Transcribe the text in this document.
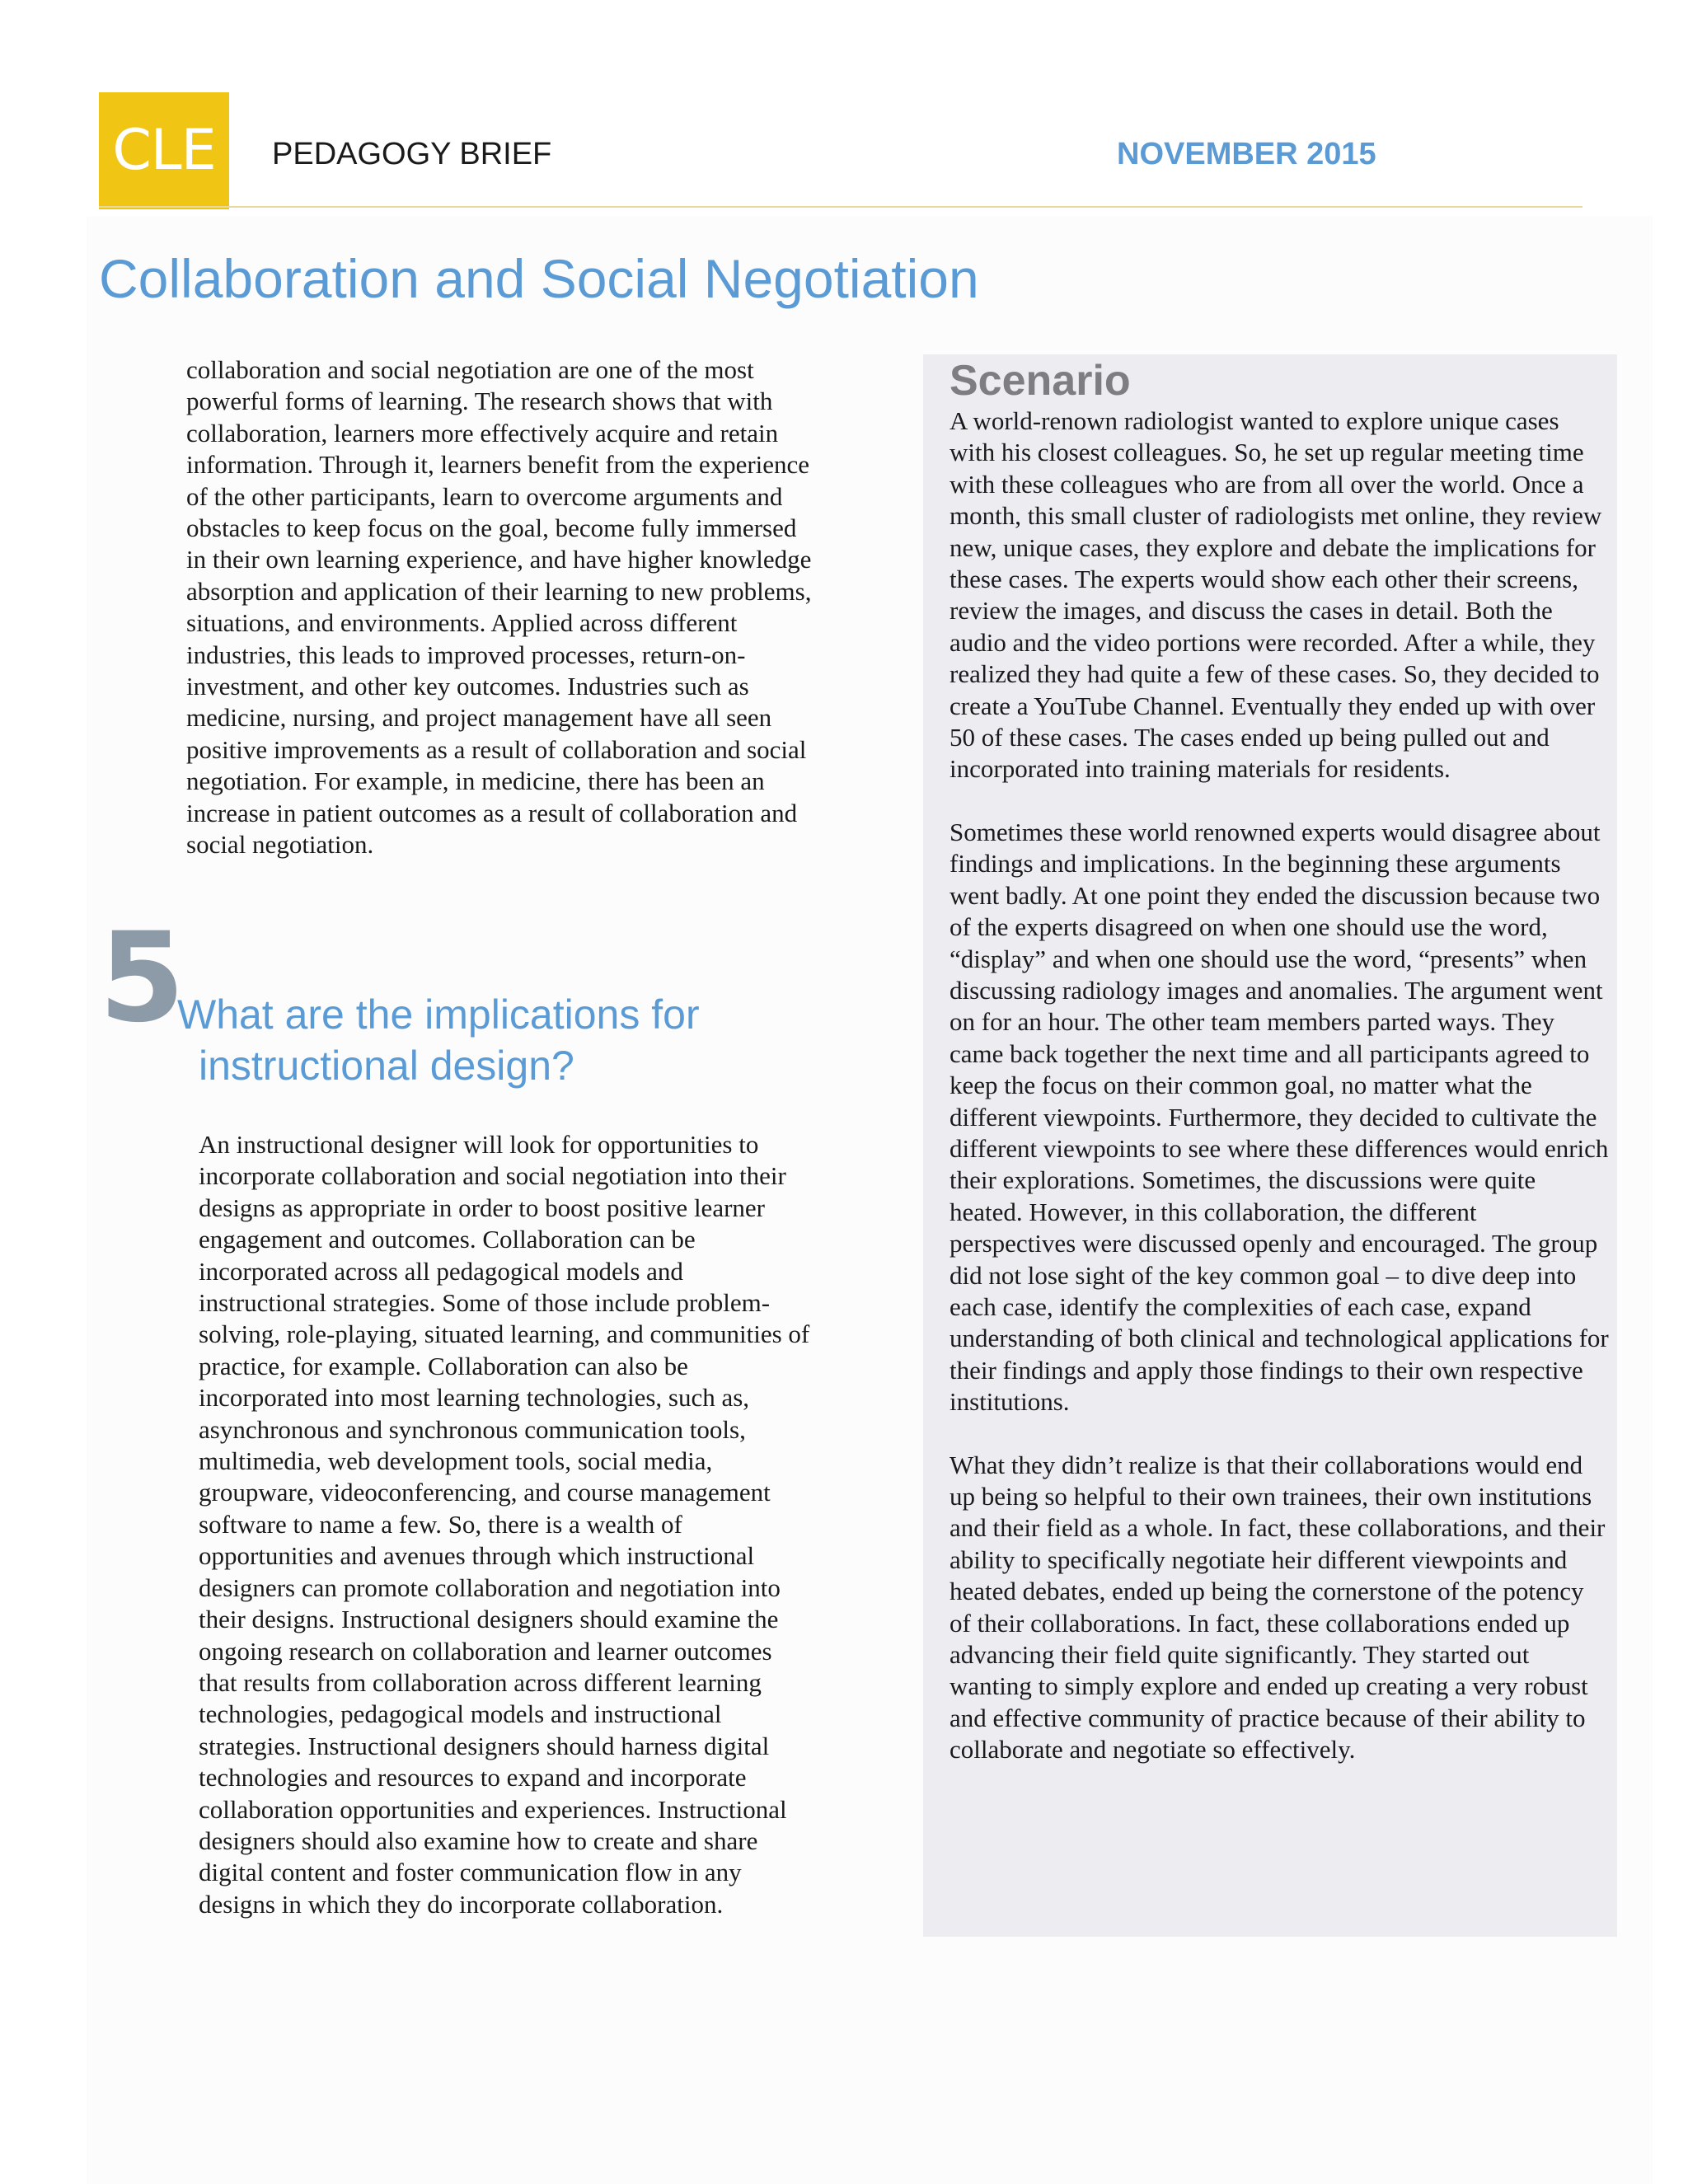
CLE PEDAGOGY BRIEF	NOVEMBER 2015
Collaboration and Social Negotiation

collaboration and social negotiation are one of the most powerful forms of learning. The research shows that with collaboration, learners more effectively acquire and retain information. Through it, learners benefit from the experience of the other participants, learn to overcome arguments and obstacles to keep focus on the goal, become fully immersed in their own learning experience, and have higher knowledge absorption and application of their learning to new problems, situations, and environments. Applied across different industries, this leads to improved processes, return-on-investment, and other key outcomes. Industries such as medicine, nursing, and project management have all seen positive improvements as a result of collaboration and social negotiation. For example, in medicine, there has been an increase in patient outcomes as a result of collaboration and social negotiation.

5
What are the implications for
instructional design?

An instructional designer will look for opportunities to incorporate collaboration and social negotiation into their designs as appropriate in order to boost positive learner engagement and outcomes. Collaboration can be incorporated across all pedagogical models and instructional strategies. Some of those include problem-solving, role-playing, situated learning, and communities of practice, for example. Collaboration can also be incorporated into most learning technologies, such as, asynchronous and synchronous communication tools, multimedia, web development tools, social media, groupware, videoconferencing, and course management software to name a few. So, there is a wealth of opportunities and avenues through which instructional designers can promote collaboration and negotiation into their designs. Instructional designers should examine the ongoing research on collaboration and learner outcomes that results from collaboration across different learning technologies, pedagogical models and instructional strategies. Instructional designers should harness digital technologies and resources to expand and incorporate collaboration opportunities and experiences. Instructional designers should also examine how to create and share digital content and foster communication flow in any designs in which they do incorporate collaboration.

Scenario

A world-renown radiologist wanted to explore unique cases with his closest colleagues. So, he set up regular meeting time with these colleagues who are from all over the world. Once a month, this small cluster of radiologists met online, they review new, unique cases, they explore and debate the implications for these cases. The experts would show each other their screens, review the images, and discuss the cases in detail. Both the audio and the video portions were recorded. After a while, they realized they had quite a few of these cases. So, they decided to create a YouTube Channel. Eventually they ended up with over 50 of these cases. The cases ended up being pulled out and incorporated into training materials for residents.

Sometimes these world renowned experts would disagree about findings and implications. In the beginning these arguments went badly. At one point they ended the discussion because two of the experts disagreed on when one should use the word, “display” and when one should use the word, “presents” when discussing radiology images and anomalies. The argument went on for an hour. The other team members parted ways. They came back together the next time and all participants agreed to keep the focus on their common goal, no matter what the different viewpoints. Furthermore, they decided to cultivate the different viewpoints to see where these differences would enrich their explorations. Sometimes, the discussions were quite heated. However, in this collaboration, the different perspectives were discussed openly and encouraged. The group did not lose sight of the key common goal – to dive deep into each case, identify the complexities of each case, expand understanding of both clinical and technological applications for their findings and apply those findings to their own respective institutions.

What they didn’t realize is that their collaborations would end up being so helpful to their own trainees, their own institutions and their field as a whole. In fact, these collaborations, and their ability to specifically negotiate heir different viewpoints and heated debates, ended up being the cornerstone of the potency of their collaborations. In fact, these collaborations ended up advancing their field quite significantly. They started out wanting to simply explore and ended up creating a very robust and effective community of practice because of their ability to collaborate and negotiate so effectively.
